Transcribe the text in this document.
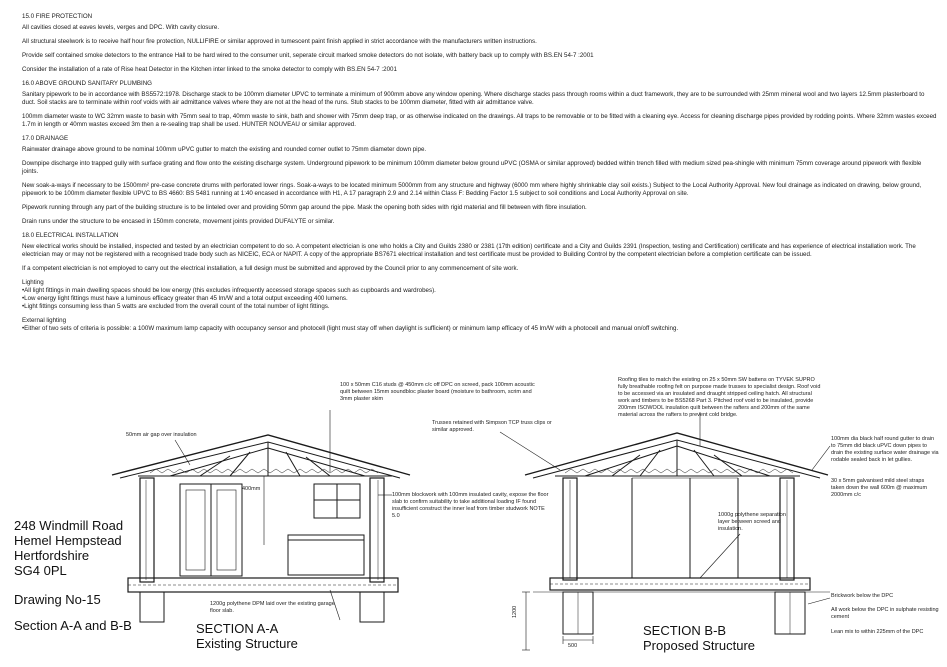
15.0 FIRE PROTECTION

All cavities closed at eaves levels, verges and DPC. With cavity closure.

All structural steelwork is to receive half hour fire protection, NULLIFIRE or similar approved in tumescent paint finish applied in strict accordance with the manufacturers written instructions.

Provide self contained smoke detectors to the entrance Hall to be hard wired to the consumer unit, seperate circuit marked smoke detectors do not isolate, with battery back up to comply with BS.EN 54-7 :2001

Consider the installation of a rate of Rise heat Detector in the Kitchen inter linked to the smoke detector to comply with BS.EN 54-7 :2001

16.0 ABOVE GROUND SANITARY PLUMBING

Sanitary pipework to be in accordance with BS5572:1978. Discharge stack to be 100mm diameter UPVC to terminate a minimum of 900mm above any window opening. Where discharge stacks pass through rooms within a duct framework, they are to be surrounded with 25mm mineral wool and two layers 12.5mm plasterboard to duct. Soil stacks are to terminate within roof voids with air admittance valves where they are not at the head of the runs. Stub stacks to be 100mm diameter, fitted with air admittance valve.

100mm diameter waste to WC 32mm waste to basin with 75mm seal to trap, 40mm waste to sink, bath and shower with 75mm deep trap, or as otherwise indicated on the drawings. All traps to be removable or to be fitted with a cleaning eye. Access for cleaning discharge pipes provided by rodding points. Where 32mm wastes exceed 1.7m in length or 40mm wastes exceed 3m then a re-sealing trap shall be used. HUNTER NOUVEAU or similar approved.

17.0 DRAINAGE

Rainwater drainage above ground to be nominal 100mm uPVC gutter to match the existing and rounded corner outlet to 75mm diameter down pipe.

Downpipe discharge into trapped gully with surface grating and flow onto the existing discharge system. Underground pipework to be minimum 100mm diameter below ground uPVC (OSMA or similar approved) bedded within trench filled with medium sized pea-shingle with minimum 75mm coverage around pipework with flexible joints.

New soak-a-ways if necessary to be 1500mm² pre-case concrete drums with perforated lower rings. Soak-a-ways to be located minimum 5000mm from any structure and highway (6000 mm where highly shrinkable clay soil exists.) Subject to the Local Authority Approval. New foul drainage as indicated on drawing, below ground, pipework to be 100mm diameter flexible UPVC to BS 4660: BS 5481 running at 1:40 encased in accordance with H1, A 17 paragraph 2.9 and 2.14 within Class F: Bedding Factor 1.5 subject to soil conditions and Local Authority Approval on site.

Pipework running through any part of the building structure is to be linteled over and providing 50mm gap around the pipe. Mask the opening both sides with rigid material and fill between with fibre insulation.

Drain runs under the structure to be encased in 150mm concrete, movement joints provided DUFALYTE or similar.

18.0 ELECTRICAL INSTALLATION

New electrical works should be installed, inspected and tested by an electrician competent to do so. A competent electrician is one who holds a City and Guilds 2380 or 2381 (17th edition) certificate and a City and Guilds 2391 (Inspection, testing and Certification) certificate and has experience of electrical installation work. The electrician may or may not be registered with a recognised trade body such as NICEIC, ECA or NAPIT. A copy of the appropriate BS7671 electrical installation and test certificate must be provided to Building Control by the competent electrician before a completion certificate can be issued.

If a competent electrician is not employed to carry out the electrical installation, a full design must be submitted and approved by the Council prior to any commencement of site work.

Lighting
•All light fittings in main dwelling spaces should be low energy (this excludes infrequently accessed storage spaces such as cupboards and wardrobes).
•Low energy light fittings must have a luminous efficacy greater than 45 lm/W and a total output exceeding 400 lumens.
•Light fittings consuming less than 5 watts are excluded from the overall count of the total number of light fittings.
External lighting
•Either of two sets of criteria is possible: a 100W maximum lamp capacity with occupancy sensor and photocell (light must stay off when daylight is sufficient) or minimum lamp efficacy of 45 lm/W with a photocell and manual on/off switching.
248 Windmill Road
Hemel Hempstead
Hertfordshire
SG4 0PL
Drawing No-15
Section A-A and B-B
50mm air gap over insulation
400mm
100 x 50mm C16 studs @ 450mm c/c off DPC on screed, pack 100mm acoustic quilt between 15mm soundbloc plaster board (moisture to bathroom, scrim and 3mm plaster skim
100mm blockwork with 100mm insulated cavity, expose the floor slab to confirm suitability to take additional loading IF found insufficient construct the inner leaf from timber studwork NOTE 5.0
1200g polythene DPM laid over the existing garage floor slab.
SECTION A-A
Existing Structure
Trusses retained with Simpson TCP truss clips or similar approved.
Roofing tiles to match the existing on 25 x 50mm SW battens on TYVEK SUPRO fully breathable roofing felt on purpose made trusses to specialist design. Roof void to be accessed via an insulated and draught stripped ceiling hatch. All structural work and timbers to be BS5268 Part 3. Pitched roof void to be insulated, provide 200mm ISOWOOL insulation quilt between the rafters and 200mm of the same material across the rafters to prevent cold bridge.
100mm dia black half round gutter to drain to 75mm did black uPVC down pipes to drain the existing surface water drainage via rodable sealed back in let gullies.
30 x 5mm galvanised mild steel straps taken down the wall 600m @ maximum 2000mm c/c
1000g polythene separation layer between screed and insulation.
Brickwork below the DPC
All work below the DPC in sulphate resisting cement
Lean mix to within 225mm of the DPC
1200
500
SECTION B-B
Proposed Structure
